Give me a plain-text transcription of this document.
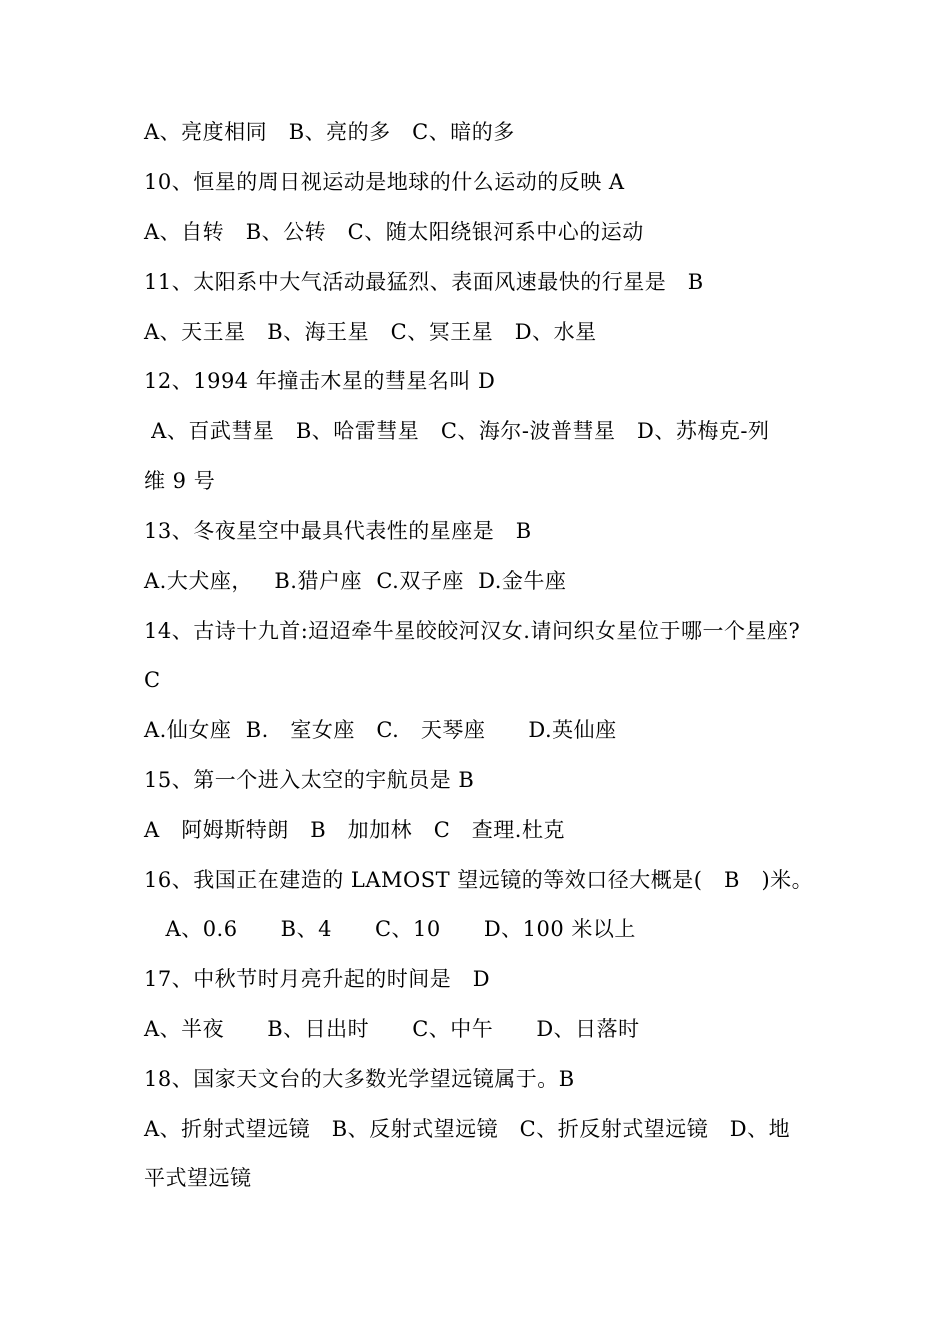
A、亮度相同   B、亮的多   C、暗的多
10、恒星的周日视运动是地球的什么运动的反映 A
A、自转   B、公转   C、随太阳绕银河系中心的运动
11、太阳系中大气活动最猛烈、表面风速最快的行星是   B
A、天王星   B、海王星   C、冥王星   D、水星
12、1994 年撞击木星的彗星名叫 D
A、百武彗星   B、哈雷彗星   C、海尔-波普彗星   D、苏梅克-列
维 9 号
13、冬夜星空中最具代表性的星座是   B
A.大犬座，   B.猎户座  C.双子座  D.金牛座
14、古诗十九首:迢迢牵牛星皎皎河汉女.请问织女星位于哪一个星座?
C
A.仙女座  B.   室女座   C.   天琴座      D.英仙座
15、第一个进入太空的宇航员是 B
A   阿姆斯特朗   B   加加林   C   查理.杜克
16、我国正在建造的 LAMOST 望远镜的等效口径大概是(   B   )米。
A、0.6      B、4      C、10      D、100 米以上
17、中秋节时月亮升起的时间是   D
A、半夜      B、日出时      C、中午      D、日落时
18、国家天文台的大多数光学望远镜属于。B
A、折射式望远镜   B、反射式望远镜   C、折反射式望远镜   D、地
平式望远镜
